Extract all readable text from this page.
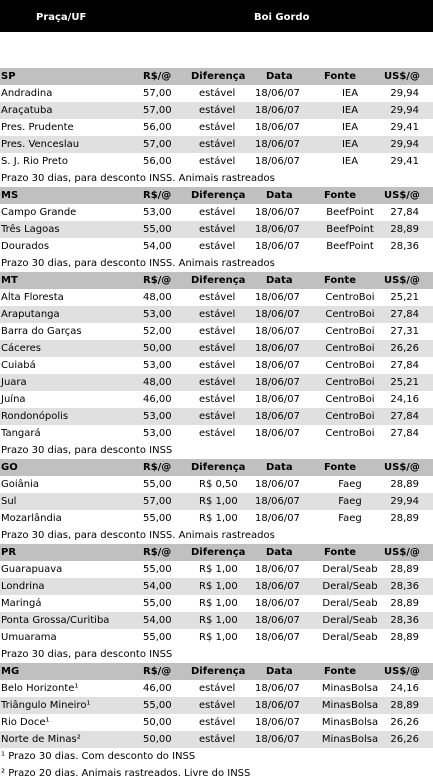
Praça/UF	Boi Gordo
SP	R$/@ Diferença Data	Fonte	US$/@
Andradina	57,00	estável 18/06/07	IEA	29,94
Araçatuba	57,00	estável 18/06/07	IEA	29,94
Pres. Prudente	56,00	estável 18/06/07	IEA	29,41
Pres. Venceslau	57,00	estável 18/06/07	IEA	29,94
S. J. Rio Preto	56,00	estável 18/06/07	IEA	29,41
Prazo 30 dias, para desconto INSS. Animais rastreados
MS	R$/@ Diferença Data	Fonte	US$/@
Campo Grande	53,00	estável 18/06/07	BeefPoint	27,84
Três Lagoas	55,00	estável 18/06/07	BeefPoint	28,89
Dourados	54,00	estável 18/06/07	BeefPoint	28,36
Prazo 30 dias, para desconto INSS. Animais rastreados
MT	R$/@ Diferença Data	Fonte	US$/@
Alta Floresta	48,00	estável 18/06/07	CentroBoi	25,21
Araputanga	53,00	estável 18/06/07	CentroBoi	27,84
Barra do Garças	52,00	estável 18/06/07	CentroBoi	27,31
Cáceres	50,00	estável 18/06/07	CentroBoi	26,26
Cuiabá	53,00	estável 18/06/07	CentroBoi	27,84
Juara	48,00	estável 18/06/07	CentroBoi	25,21
Juína	46,00	estável 18/06/07	CentroBoi	24,16
Rondonópolis	53,00	estável 18/06/07	CentroBoi	27,84
Tangará	53,00	estável 18/06/07	CentroBoi	27,84
Prazo 30 dias, para desconto INSS
GO	R$/@ Diferença Data	Fonte	US$/@
Goiânia	55,00	R$ 0,50 18/06/07	Faeg	28,89
Sul	57,00	R$ 1,00 18/06/07	Faeg	29,94
Mozarlândia	55,00	R$ 1,00 18/06/07	Faeg	28,89
Prazo 30 dias, para desconto INSS. Animais rastreados
PR	R$/@ Diferença Data	Fonte	US$/@
Guarapuava	55,00	R$ 1,00 18/06/07	Deral/Seab	28,89
Londrina	54,00	R$ 1,00 18/06/07	Deral/Seab	28,36
Maringá	55,00	R$ 1,00 18/06/07	Deral/Seab	28,89
Ponta Grossa/Curitiba	54,00	R$ 1,00 18/06/07	Deral/Seab	28,36
Umuarama	55,00	R$ 1,00 18/06/07	Deral/Seab	28,89
Prazo 30 dias, para desconto INSS
MG	R$/@ Diferença Data	Fonte	US$/@
Belo Horizonte¹	46,00	estável 18/06/07	MinasBolsa	24,16
Triângulo Mineiro¹	55,00	estável 18/06/07	MinasBolsa	28,89
Rio Doce¹	50,00	estável 18/06/07	MinasBolsa	26,26
Norte de Minas²	50,00	estável 18/06/07	MinasBolsa	26,26
¹ Prazo 30 dias. Com desconto do INSS
² Prazo 20 dias. Animais rastreados. Livre do INSS
